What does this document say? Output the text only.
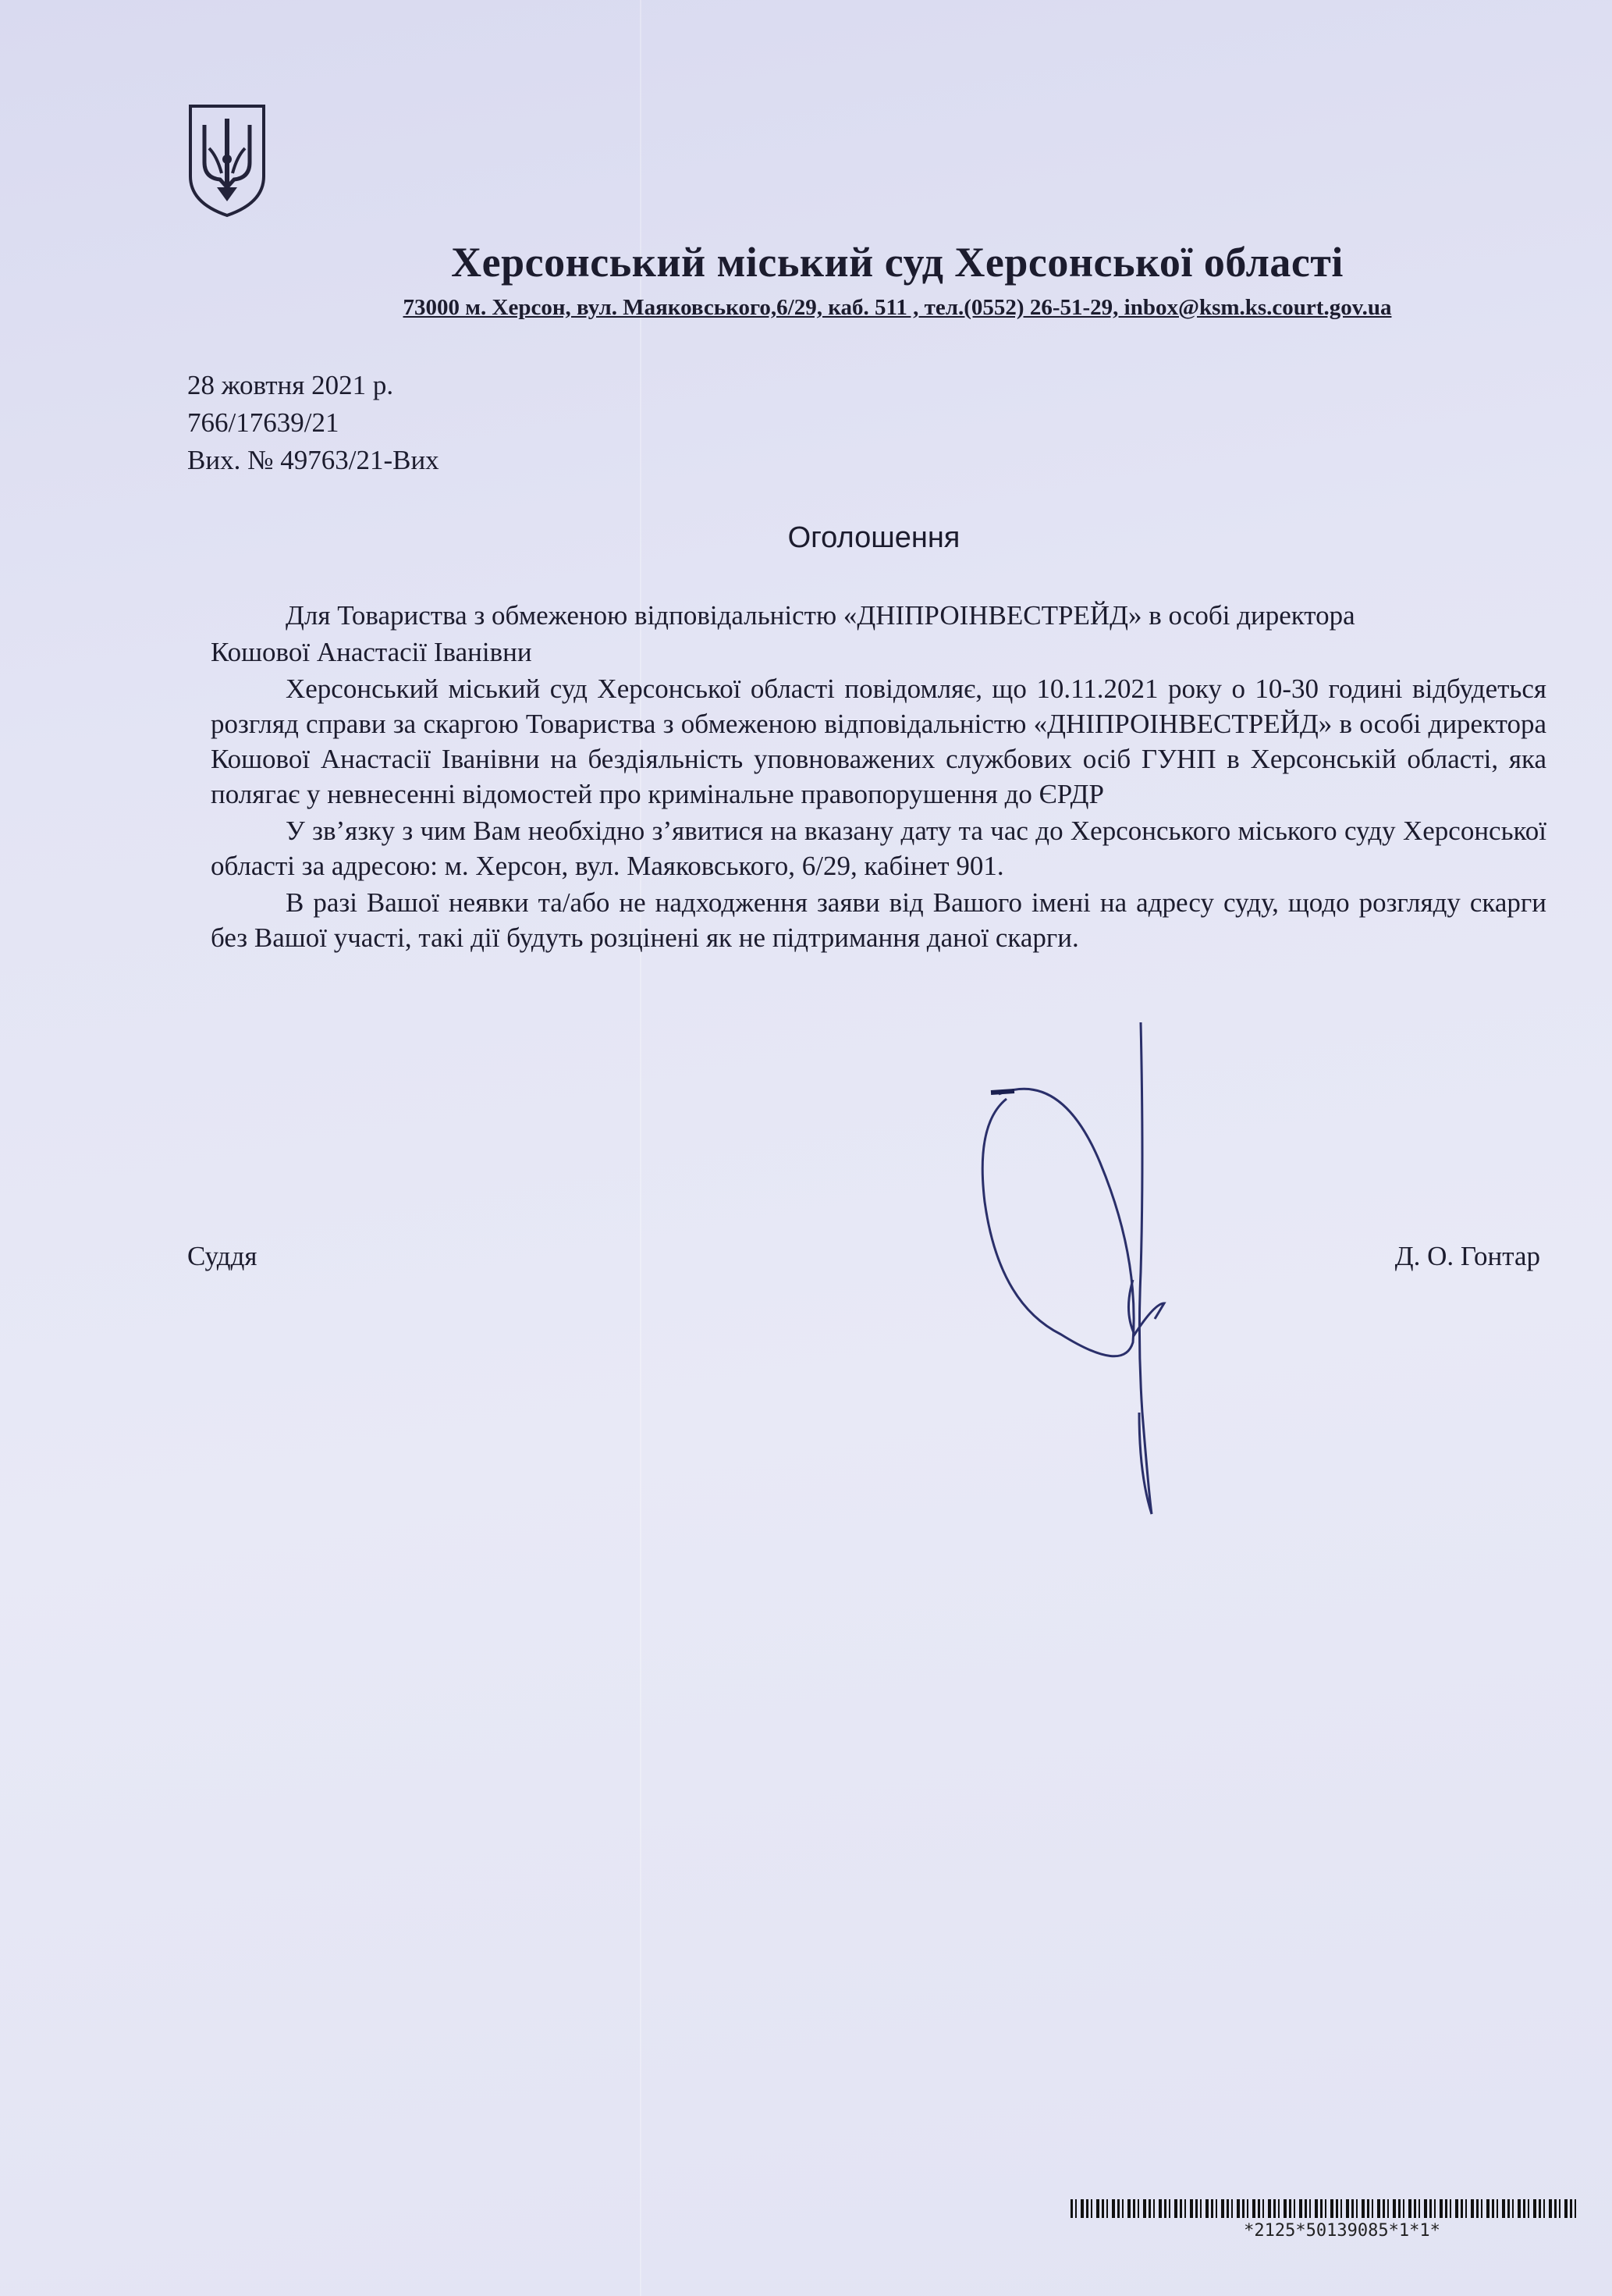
Херсонський міський суд Херсонської області
73000 м. Херсон, вул. Маяковського,6/29, каб. 511 , тел.(0552) 26-51-29, inbox@ksm.ks.court.gov.ua
28 жовтня 2021 р.
766/17639/21
Вих. № 49763/21-Вих
Оголошення

Для Товариства з обмеженою відповідальністю «ДНІПРОІНВЕСТРЕЙД» в особі директора

Кошової Анастасії Іванівни

Херсонський міський суд Херсонської області повідомляє, що 10.11.2021 року о 10-30 годині відбудеться розгляд справи за скаргою Товариства з обмеженою відповідальністю «ДНІПРОІНВЕСТРЕЙД» в особі директора Кошової Анастасії Іванівни на бездіяльність уповноважених службових осіб ГУНП в Херсонській області, яка полягає у невнесенні відомостей про кримінальне правопорушення до ЄРДР

У зв’язку з чим Вам необхідно з’явитися на вказану дату та час до Херсонського міського суду Херсонської області за адресою: м. Херсон, вул. Маяковського, 6/29, кабінет 901.

В разі Вашої неявки та/або не надходження заяви від Вашого імені на адресу суду, щодо розгляду скарги без Вашої участі, такі дії будуть розцінені як не підтримання даної скарги.

Суддя	Д. О. Гонтар
*2125*50139085*1*1*
